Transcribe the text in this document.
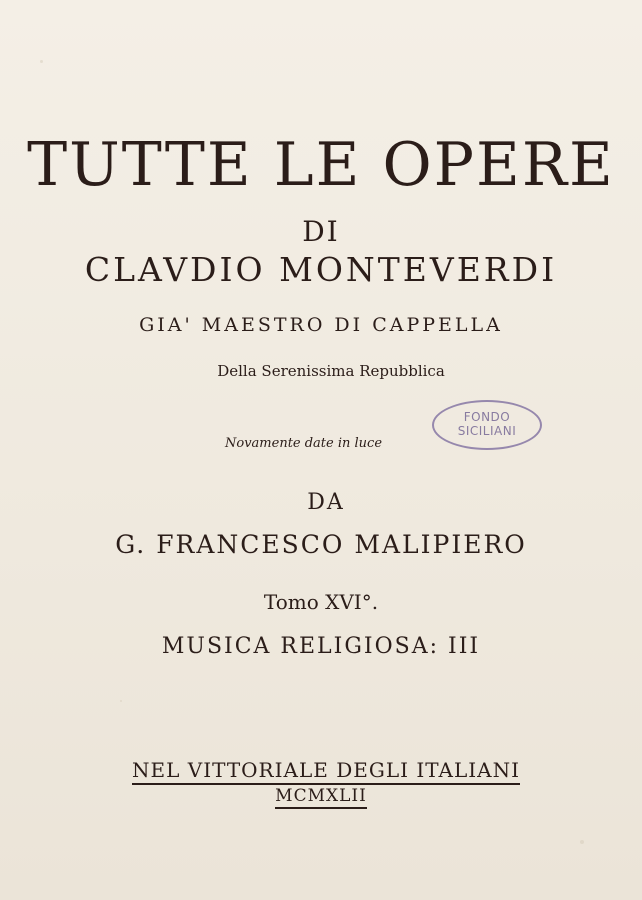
TUTTE LE OPERE
DI
CLAVDIO MONTEVERDI
GIA' MAESTRO DI CAPPELLA
Della Serenissima Repubblica
Novamente date in luce
FONDO
SICILIANI
DA
G. FRANCESCO MALIPIERO
Tomo XVI°.
MUSICA RELIGIOSA: III
NEL VITTORIALE DEGLI ITALIANI
MCMXLII
